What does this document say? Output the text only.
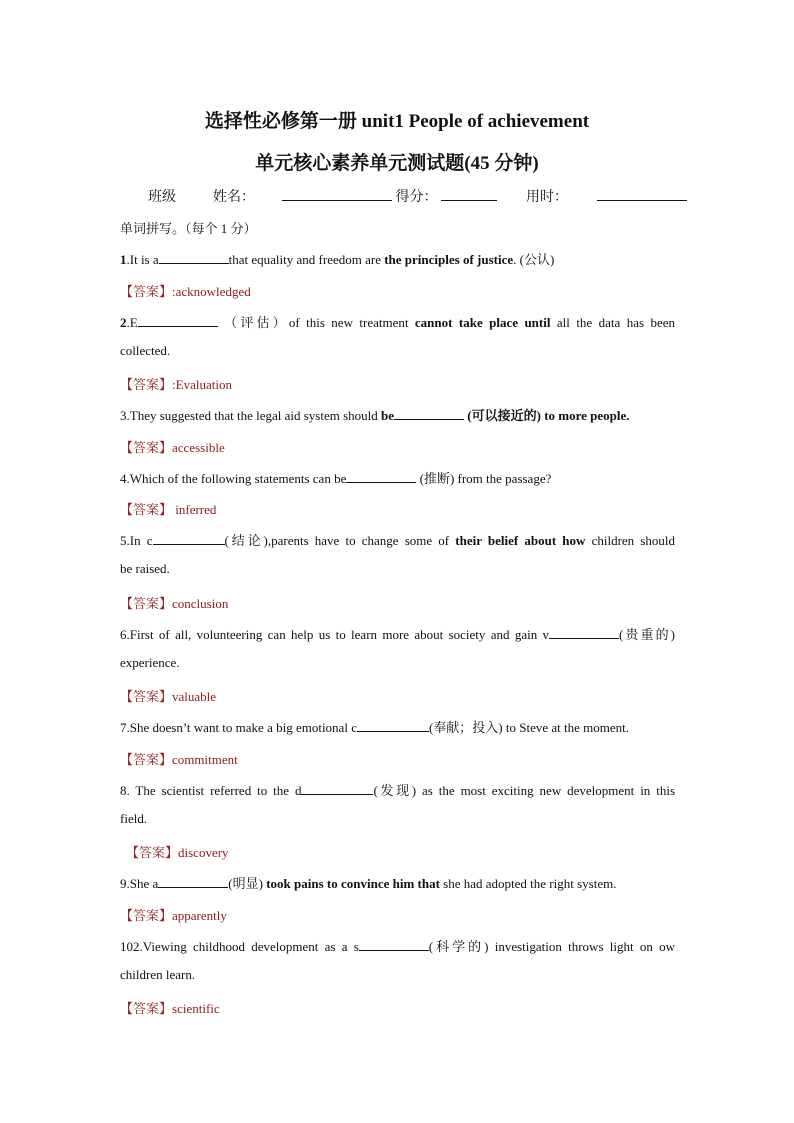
选择性必修第一册 unit1 People of achievement
单元核心素养单元测试题(45 分钟)
班级	姓名：	得分：	用时：
单词拼写。（每个 1 分）
1.It is a	that equality and freedom are the principles of justice. (公认)
【答案】:acknowledged
2.E	（评估）of this new treatment cannot take place until all the data has been
collected.
【答案】:Evaluation
3.They suggested that the legal aid system should be	(可以接近的) to more people.
【答案】accessible
4.Which of the following statements can be	(推断) from the passage?
【答案】 inferred
5.In c	(结论),parents have to change some of their belief about how children should
be raised.
【答案】conclusion
6.First of all, volunteering can help us to learn more about society and gain v	(贵重的)
experience.
【答案】valuable
7.She doesn’t want to make a big emotional c	(奉献；投入) to Steve at the moment.
【答案】commitment
8. The scientist referred to the d	(发现) as the most exciting new development in this
field.
【答案】discovery
9.She a	(明显) took pains to convince him that she had adopted the right system.
【答案】apparently
102.Viewing childhood development as a s	(科学的) investigation throws light on ow
children learn.
【答案】scientific
